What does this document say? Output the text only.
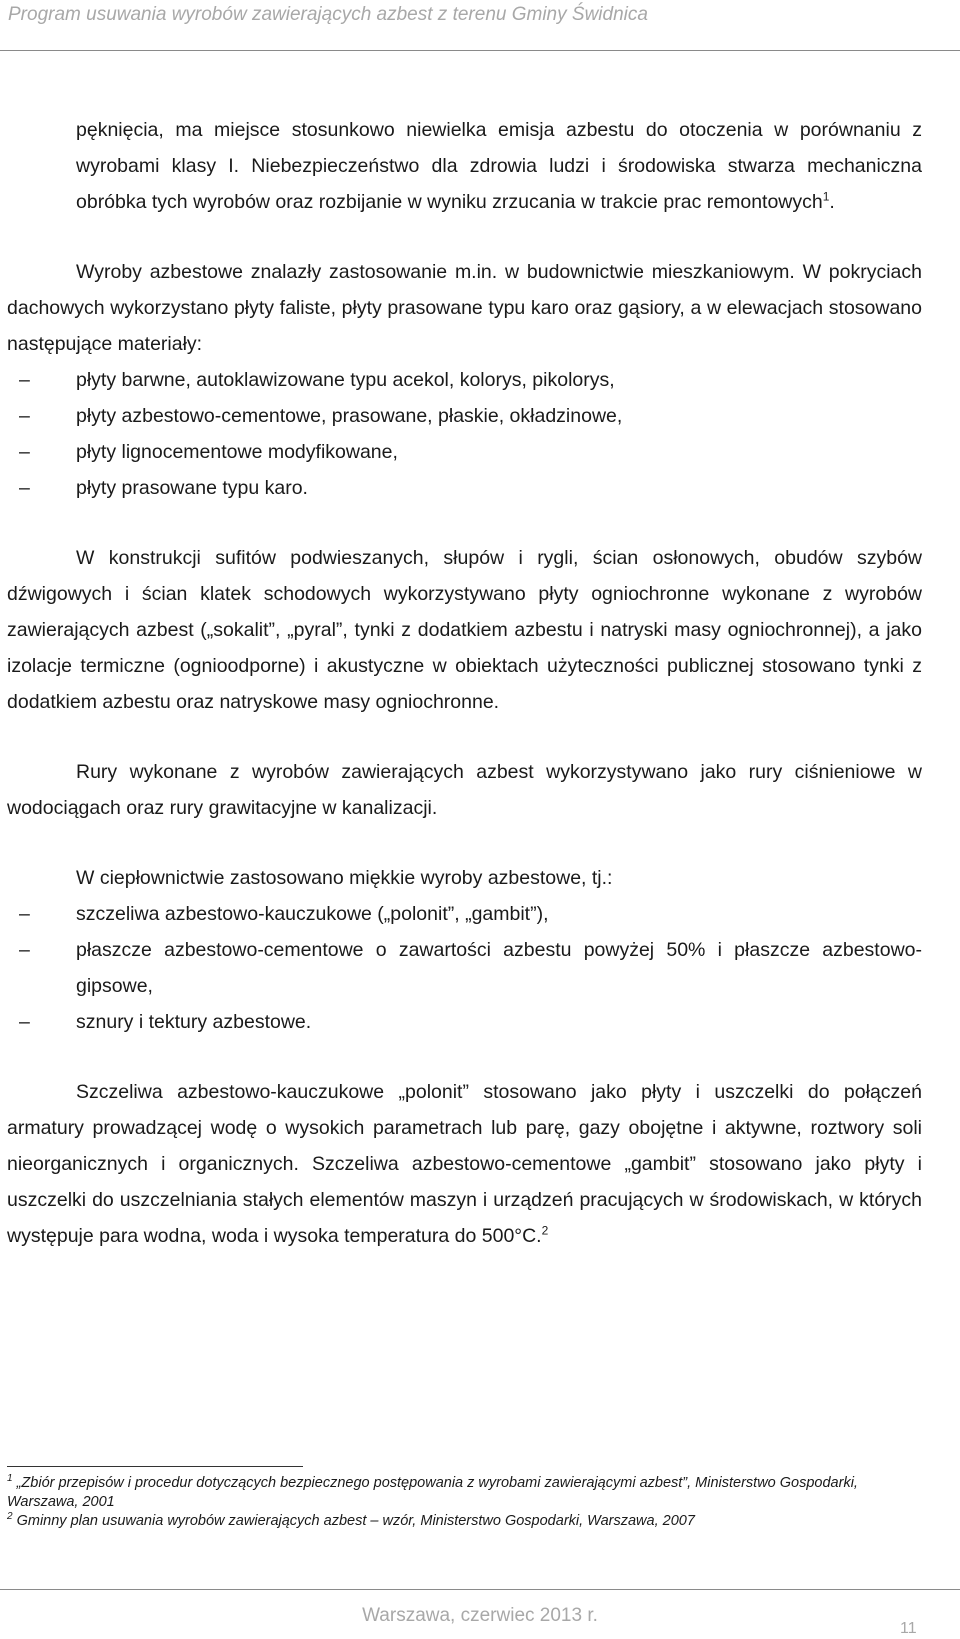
Program usuwania wyrobów zawierających azbest z terenu Gminy Świdnica

pęknięcia, ma miejsce stosunkowo niewielka emisja azbestu do otoczenia w porównaniu z wyrobami klasy I. Niebezpieczeństwo dla zdrowia ludzi i środowiska stwarza mechaniczna obróbka tych wyrobów oraz rozbijanie w wyniku zrzucania w trakcie prac remontowych$^1$.

Wyroby azbestowe znalazły zastosowanie m.in. w budownictwie mieszkaniowym. W pokryciach dachowych wykorzystano płyty faliste, płyty prasowane typu karo oraz gąsiory, a w elewacjach stosowano następujące materiały:

– płyty barwne, autoklawizowane typu acekol, kolorys, pikolorys,
– płyty azbestowo-cementowe, prasowane, płaskie, okładzinowe,
– płyty lignocementowe modyfikowane,
– płyty prasowane typu karo.

W konstrukcji sufitów podwieszanych, słupów i rygli, ścian osłonowych, obudów szybów dźwigowych i ścian klatek schodowych wykorzystywano płyty ogniochronne wykonane z wyrobów zawierających azbest („sokalit”, „pyral”, tynki z dodatkiem azbestu i natryski masy ogniochronnej), a jako izolacje termiczne (ognioodporne) i akustyczne w obiektach użyteczności publicznej stosowano tynki z dodatkiem azbestu oraz natryskowe masy ogniochronne.

Rury wykonane z wyrobów zawierających azbest wykorzystywano jako rury ciśnieniowe w wodociągach oraz rury grawitacyjne w kanalizacji.

W ciepłownictwie zastosowano miękkie wyroby azbestowe, tj.:

– szczeliwa azbestowo-kauczukowe („polonit”, „gambit”),
– płaszcze azbestowo-cementowe o zawartości azbestu powyżej 50% i płaszcze azbestowo-gipsowe,
– sznury i tektury azbestowe.

Szczeliwa azbestowo-kauczukowe „polonit” stosowano jako płyty i uszczelki do połączeń armatury prowadzącej wodę o wysokich parametrach lub parę, gazy obojętne i aktywne, roztwory soli nieorganicznych i organicznych. Szczeliwa azbestowo-cementowe „gambit” stosowano jako płyty i uszczelki do uszczelniania stałych elementów maszyn i urządzeń pracujących w środowiskach, w których występuje para wodna, woda i wysoka temperatura do 500°C.$^2$

$^1$ „Zbiór przepisów i procedur dotyczących bezpiecznego postępowania z wyrobami zawierającymi azbest”, Ministerstwo Gospodarki, Warszawa, 2001

$^2$ Gminny plan usuwania wyrobów zawierających azbest – wzór, Ministerstwo Gospodarki, Warszawa, 2007

Warszawa, czerwiec 2013 r.
11
